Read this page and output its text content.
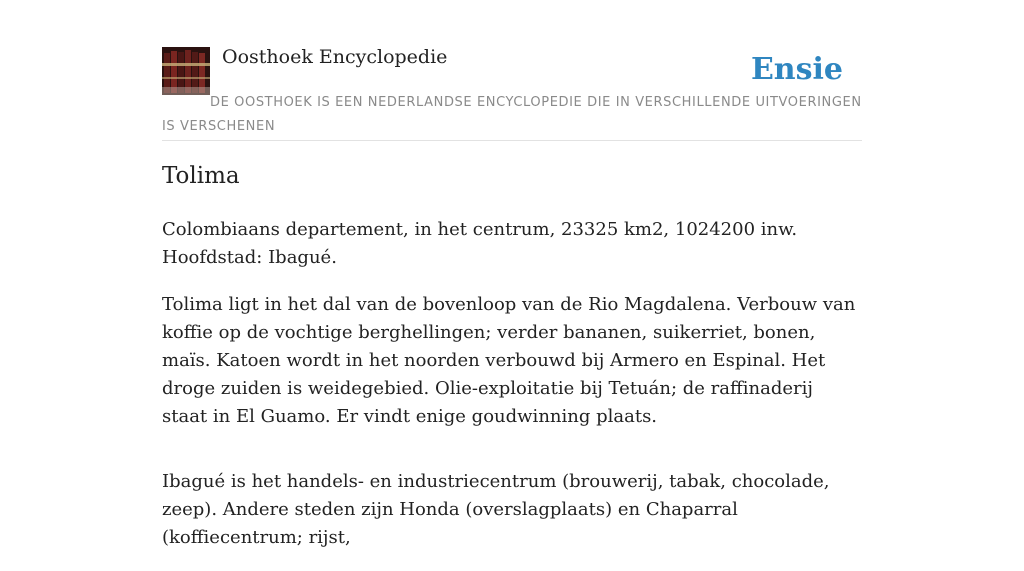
Oosthoek Encyclopedie	Ensie
DE OOSTHOEK IS EEN NEDERLANDSE ENCYCLOPEDIE DIE IN VERSCHILLENDE UITVOERINGEN IS VERSCHENEN
Tolima

Colombiaans departement, in het centrum, 23325 km2, 1024200 inw. Hoofdstad: Ibagué.

Tolima ligt in het dal van de bovenloop van de Rio Magdalena. Verbouw van koffie op de vochtige berghellingen; verder bananen, suikerriet, bonen, maïs. Katoen wordt in het noorden verbouwd bij Armero en Espinal. Het droge zuiden is weidegebied. Olie-exploitatie bij Tetuán; de raffinaderij staat in El Guamo. Er vindt enige goudwinning plaats.

Ibagué is het handels- en industriecentrum (brouwerij, tabak, chocolade, zeep). Andere steden zijn Honda (overslagplaats) en Chaparral (koffiecentrum; rijst,
